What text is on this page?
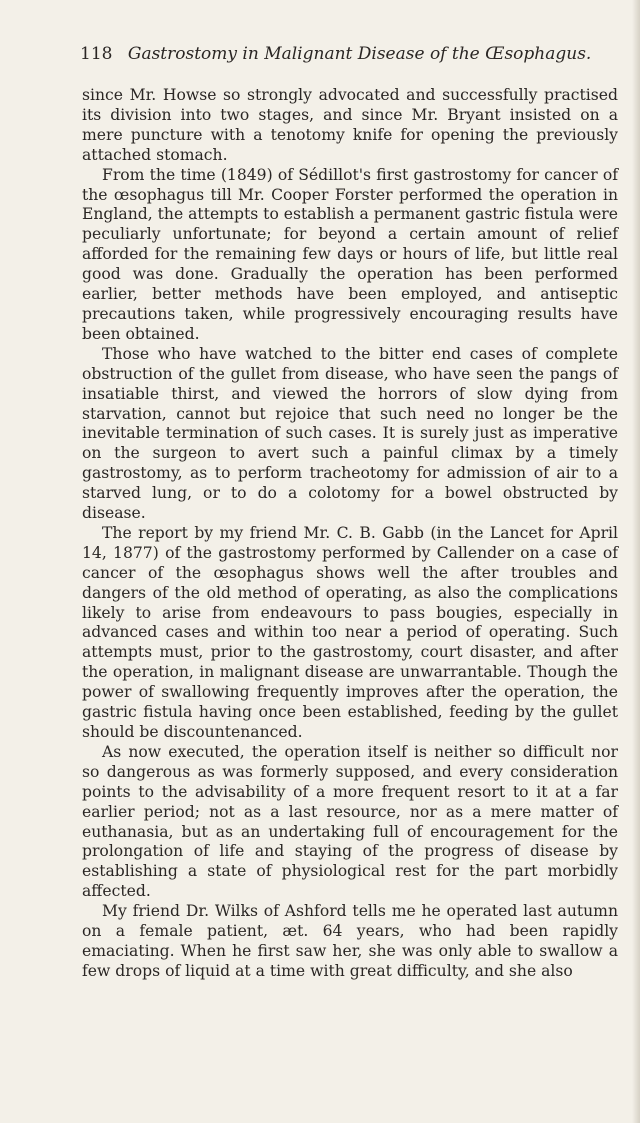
118 Gastrostomy in Malignant Disease of the Œsophagus.

since Mr. Howse so strongly advocated and successfully practised its division into two stages, and since Mr. Bryant insisted on a mere puncture with a tenotomy knife for opening the previously attached stomach.

From the time (1849) of Sédillot's first gastrostomy for cancer of the œsophagus till Mr. Cooper Forster performed the operation in England, the attempts to establish a permanent gastric fistula were peculiarly unfortunate; for beyond a certain amount of relief afforded for the remaining few days or hours of life, but little real good was done. Gradually the operation has been performed earlier, better methods have been employed, and antiseptic precautions taken, while progressively encouraging results have been obtained.

Those who have watched to the bitter end cases of complete obstruction of the gullet from disease, who have seen the pangs of insatiable thirst, and viewed the horrors of slow dying from starvation, cannot but rejoice that such need no longer be the inevitable termination of such cases. It is surely just as imperative on the surgeon to avert such a painful climax by a timely gastrostomy, as to perform tracheotomy for admission of air to a starved lung, or to do a colotomy for a bowel obstructed by disease.

The report by my friend Mr. C. B. Gabb (in the Lancet for April 14, 1877) of the gastrostomy performed by Callender on a case of cancer of the œsophagus shows well the after troubles and dangers of the old method of operating, as also the complications likely to arise from endeavours to pass bougies, especially in advanced cases and within too near a period of operating. Such attempts must, prior to the gastrostomy, court disaster, and after the operation, in malignant disease are unwarrantable. Though the power of swallowing frequently improves after the operation, the gastric fistula having once been established, feeding by the gullet should be discountenanced.

As now executed, the operation itself is neither so difficult nor so dangerous as was formerly supposed, and every consideration points to the advisability of a more frequent resort to it at a far earlier period; not as a last resource, nor as a mere matter of euthanasia, but as an undertaking full of encouragement for the prolongation of life and staying of the progress of disease by establishing a state of physiological rest for the part morbidly affected.

My friend Dr. Wilks of Ashford tells me he operated last autumn on a female patient, æt. 64 years, who had been rapidly emaciating. When he first saw her, she was only able to swallow a few drops of liquid at a time with great difficulty, and she also
